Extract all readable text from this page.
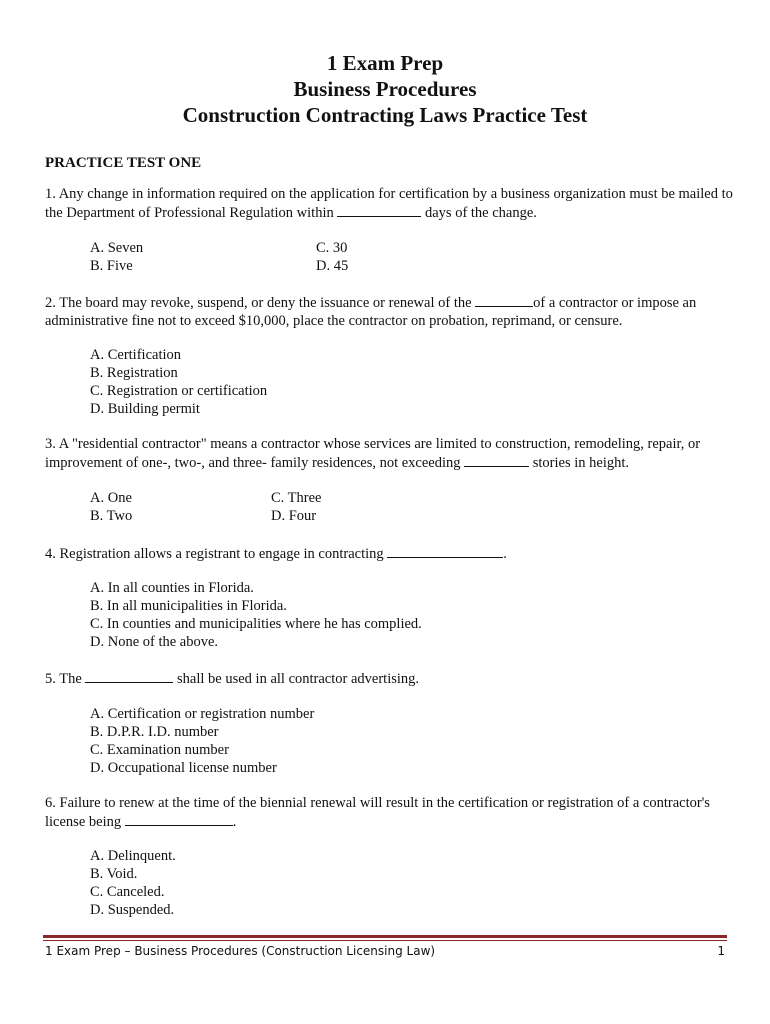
1 Exam Prep
Business Procedures
Construction Contracting Laws Practice Test
PRACTICE TEST ONE
1. Any change in information required on the application for certification by a business organization must be mailed to the Department of Professional Regulation within	days of the change.
A. Seven	C. 30
B. Five	D. 45
2. The board may revoke, suspend, or deny the issuance or renewal of the	of a contractor or impose an administrative fine not to exceed $10,000, place the contractor on probation, reprimand, or censure.
A. Certification
B. Registration
C. Registration or certification
D. Building permit
3. A "residential contractor" means a contractor whose services are limited to construction, remodeling, repair, or improvement of one-, two-, and three- family residences, not exceeding	stories in height.
A. One	C. Three
B. Two	D. Four
4. Registration allows a registrant to engage in contracting	.
A. In all counties in Florida.
B. In all municipalities in Florida.
C. In counties and municipalities where he has complied.
D. None of the above.
5. The	shall be used in all contractor advertising.
A. Certification or registration number
B. D.P.R. I.D. number
C. Examination number
D. Occupational license number
6. Failure to renew at the time of the biennial renewal will result in the certification or registration of a contractor's license being	.
A. Delinquent.
B. Void.
C. Canceled.
D. Suspended.
1 Exam Prep – Business Procedures (Construction Licensing Law)	1
